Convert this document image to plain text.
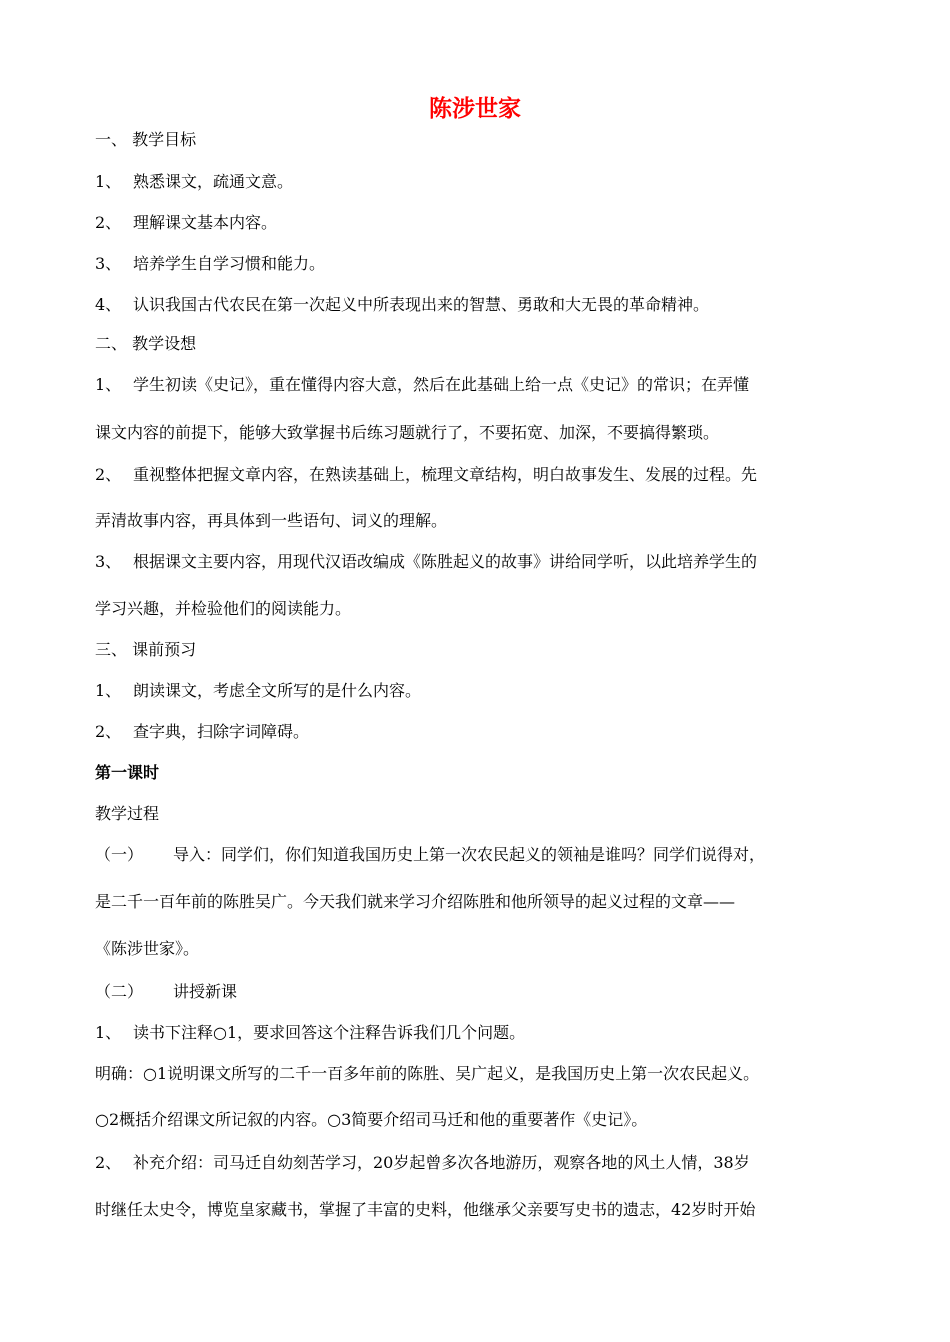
陈涉世家
一、 教学目标
1、 熟悉课文，疏通文意。
2、 理解课文基本内容。
3、 培养学生自学习惯和能力。
4、 认识我国古代农民在第一次起义中所表现出来的智慧、勇敢和大无畏的革命精神。
二、 教学设想
1、 学生初读《史记》，重在懂得内容大意，然后在此基础上给一点《史记》的常识；在弄懂
课文内容的前提下，能够大致掌握书后练习题就行了，不要拓宽、加深，不要搞得繁琐。
2、 重视整体把握文章内容，在熟读基础上，梳理文章结构，明白故事发生、发展的过程。先
弄清故事内容，再具体到一些语句、词义的理解。
3、 根据课文主要内容，用现代汉语改编成《陈胜起义的故事》讲给同学听，以此培养学生的
学习兴趣，并检验他们的阅读能力。
三、 课前预习
1、 朗读课文，考虑全文所写的是什么内容。
2、 查字典，扫除字词障碍。
第一课时
教学过程
（一） 导入：同学们，你们知道我国历史上第一次农民起义的领袖是谁吗？同学们说得对，
是二千一百年前的陈胜吴广。今天我们就来学习介绍陈胜和他所领导的起义过程的文章——
《陈涉世家》。
（二） 讲授新课
1、 读书下注释○1，要求回答这个注释告诉我们几个问题。
明确：○1说明课文所写的二千一百多年前的陈胜、吴广起义，是我国历史上第一次农民起义。
○2概括介绍课文所记叙的内容。○3简要介绍司马迁和他的重要著作《史记》。
2、 补充介绍：司马迁自幼刻苦学习，20岁起曾多次各地游历，观察各地的风土人情，38岁
时继任太史令，博览皇家藏书，掌握了丰富的史料，他继承父亲要写史书的遗志，42岁时开始
